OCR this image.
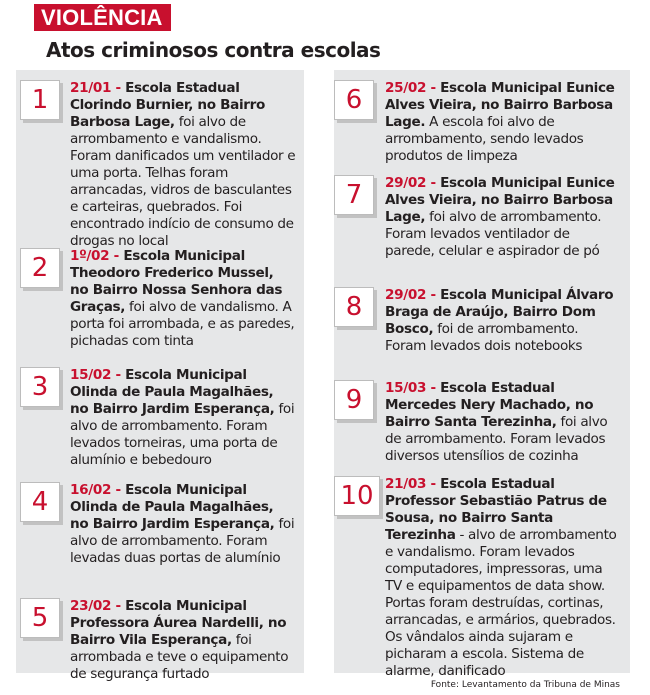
VIOLÊNCIA
Atos criminosos contra escolas
1	21/01 - Escola Estadual Clorindo Burnier, no Bairro Barbosa Lage, foi alvo de arrombamento e vandalismo. Foram danificados um ventilador e uma porta. Telhas foram arrancadas, vidros de basculantes e carteiras, quebrados. Foi encontrado indício de consumo de drogas no local
2	1º/02 - Escola Municipal Theodoro Frederico Mussel, no Bairro Nossa Senhora das Graças, foi alvo de vandalismo. A porta foi arrombada, e as paredes, pichadas com tinta
3	15/02 - Escola Municipal Olinda de Paula Magalhães, no Bairro Jardim Esperança, foi alvo de arrombamento. Foram levados torneiras, uma porta de alumínio e bebedouro
4	16/02 - Escola Municipal Olinda de Paula Magalhães, no Bairro Jardim Esperança, foi alvo de arrombamento. Foram levadas duas portas de alumínio
5	23/02 - Escola Municipal Professora Áurea Nardelli, no Bairro Vila Esperança, foi arrombada e teve o equipamento de segurança furtado
6	25/02 - Escola Municipal Eunice Alves Vieira, no Bairro Barbosa Lage. A escola foi alvo de arrombamento, sendo levados produtos de limpeza
7	29/02 - Escola Municipal Eunice Alves Vieira, no Bairro Barbosa Lage, foi alvo de arrombamento. Foram levados ventilador de parede, celular e aspirador de pó
8	29/02 - Escola Municipal Álvaro Braga de Araújo, Bairro Dom Bosco, foi de arrombamento. Foram levados dois notebooks
9	15/03 - Escola Estadual Mercedes Nery Machado, no Bairro Santa Terezinha, foi alvo de arrombamento. Foram levados diversos utensílios de cozinha
10 21/03 - Escola Estadual Professor Sebastião Patrus de Sousa, no Bairro Santa Terezinha - alvo de arrombamento e vandalismo. Foram levados computadores, impressoras, uma TV e equipamentos de data show. Portas foram destruídas, cortinas, arrancadas, e armários, quebrados. Os vândalos ainda sujaram e picharam a escola. Sistema de alarme, danificado
Fonte: Levantamento da Tribuna de Minas
